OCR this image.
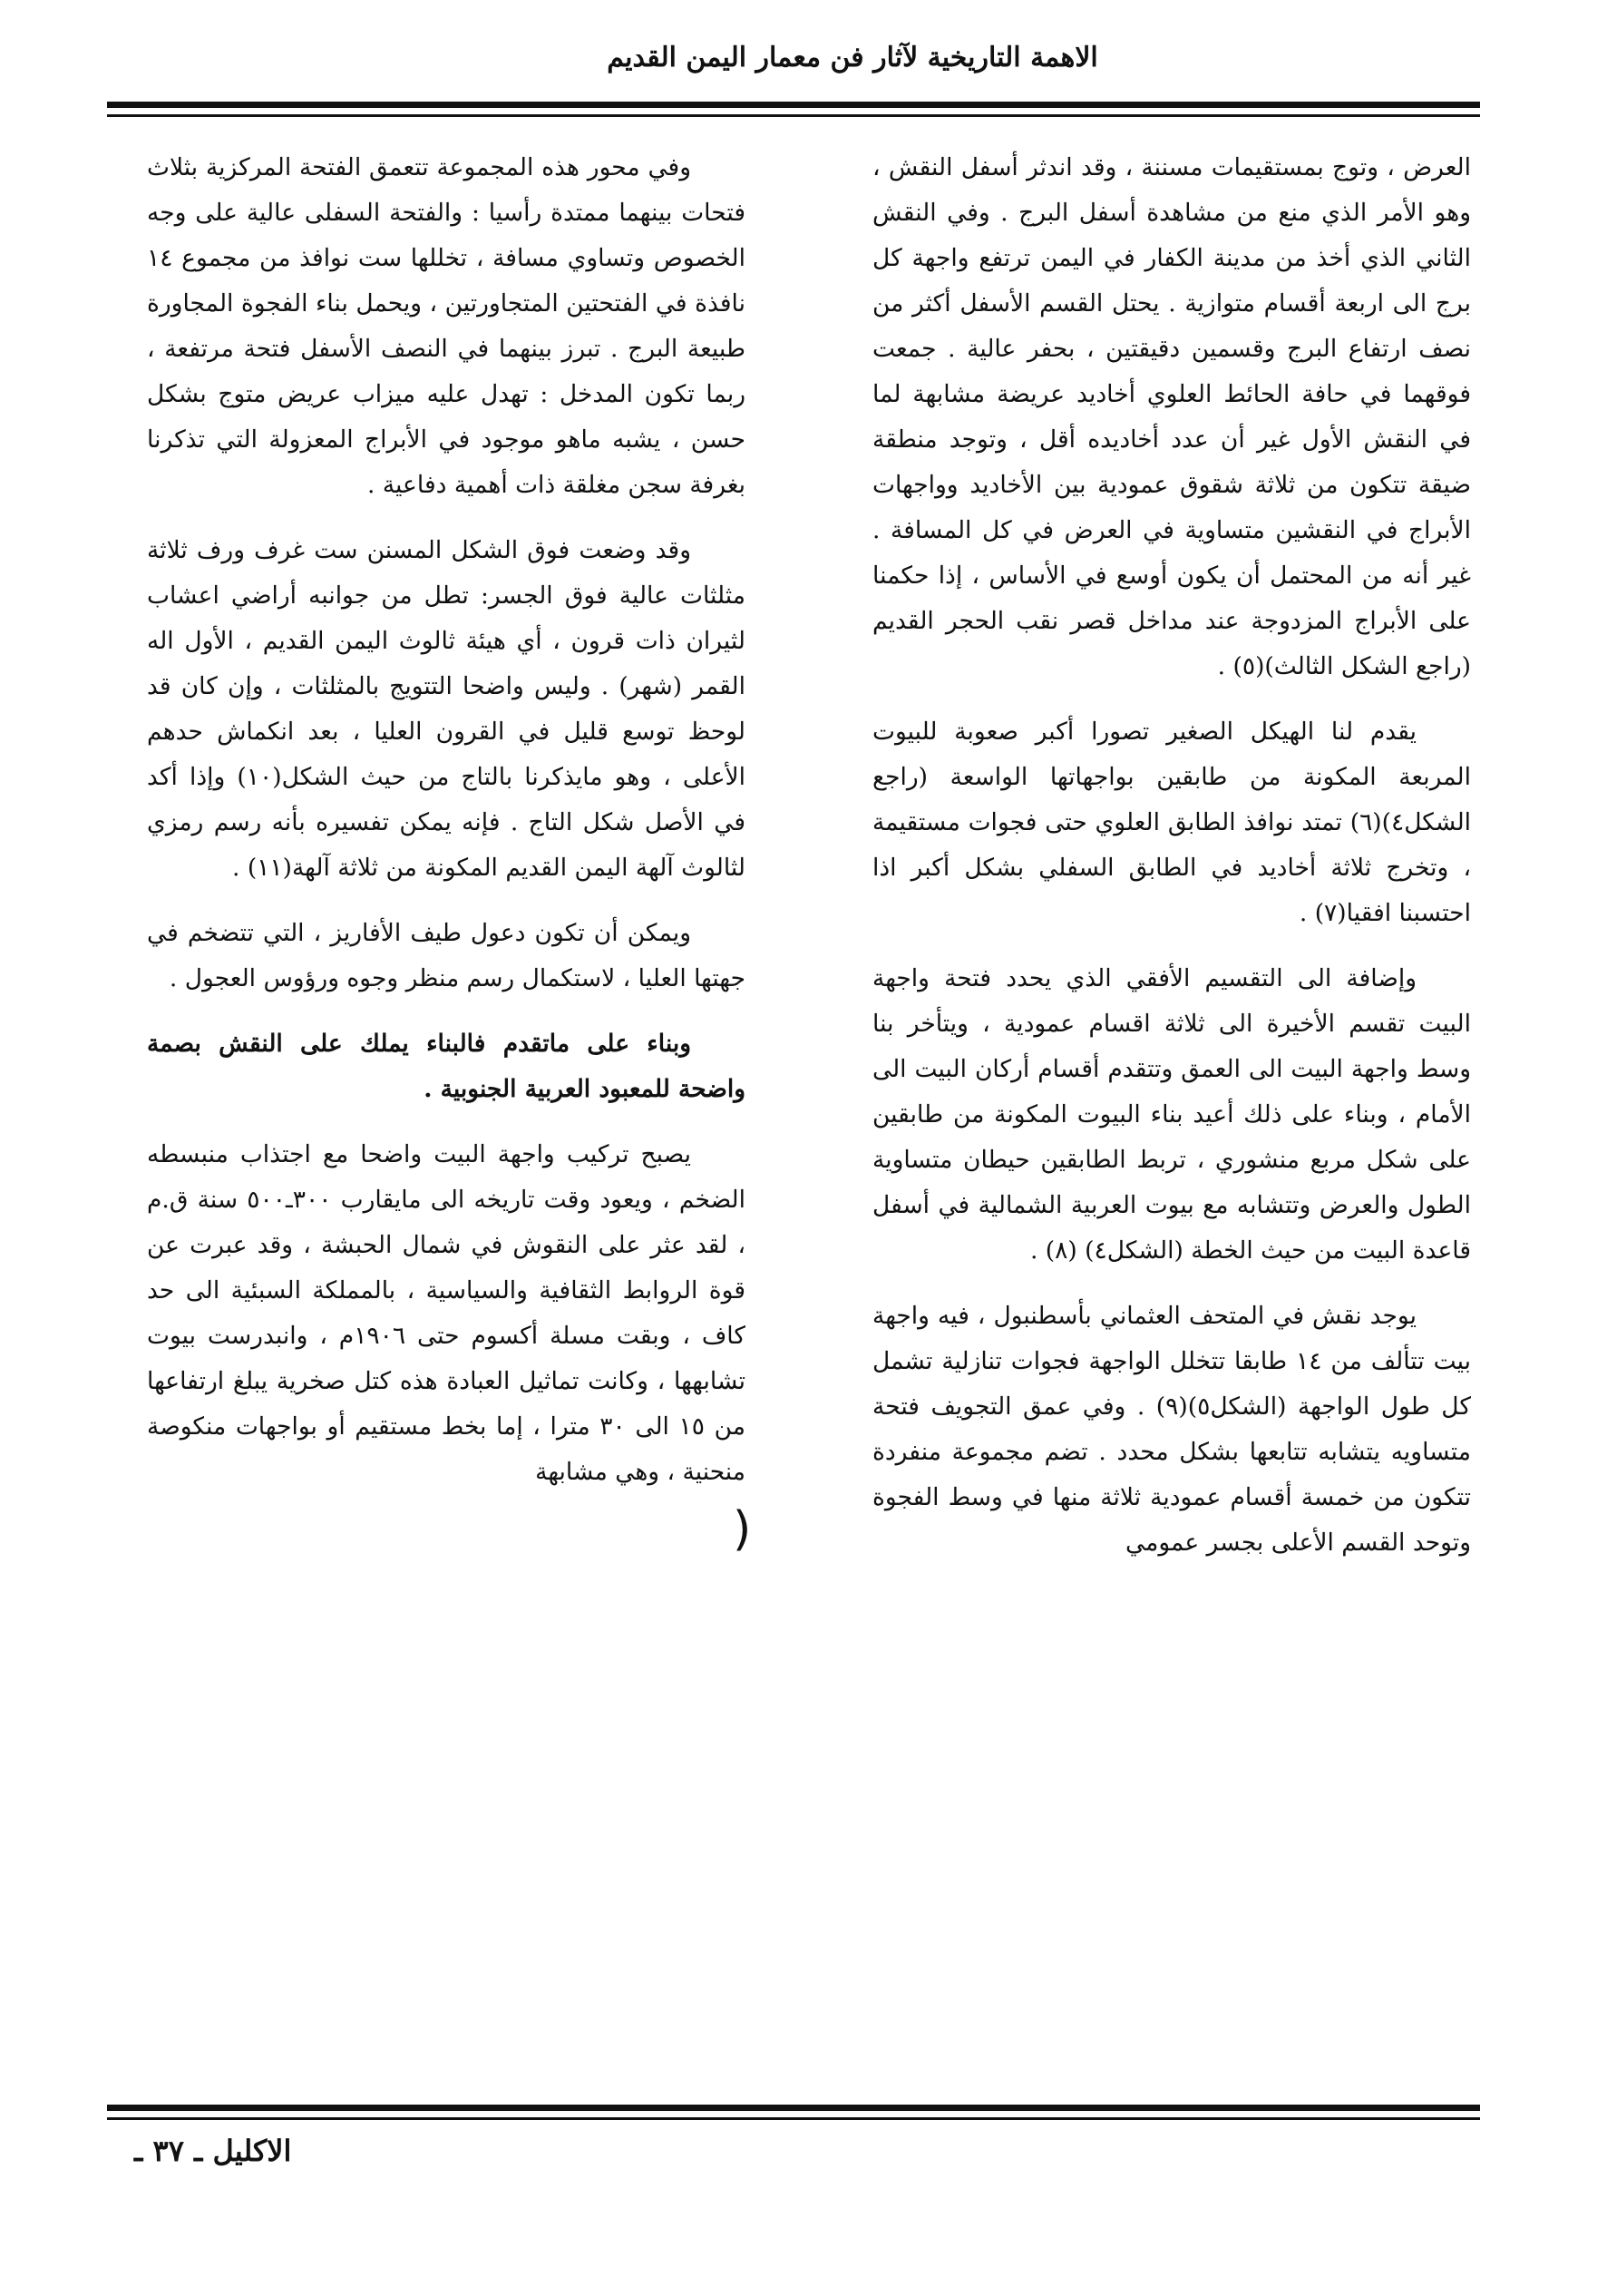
الاهمة التاريخية لآثار فن معمار اليمن القديم

العرض ، وتوج بمستقيمات مسننة ، وقد اندثر أسفل النقش ، وهو الأمر الذي منع من مشاهدة أسفل البرج . وفي النقش الثاني الذي أخذ من مدينة الكفار في اليمن ترتفع واجهة كل برج الى اربعة أقسام متوازية . يحتل القسم الأسفل أكثر من نصف ارتفاع البرج وقسمين دقيقتين ، بحفر عالية . جمعت فوقهما في حافة الحائط العلوي أخاديد عريضة مشابهة لما في النقش الأول غير أن عدد أخاديده أقل ، وتوجد منطقة ضيقة تتكون من ثلاثة شقوق عمودية بين الأخاديد وواجهات الأبراج في النقشين متساوية في العرض في كل المسافة . غير أنه من المحتمل أن يكون أوسع في الأساس ، إذا حكمنا على الأبراج المزدوجة عند مداخل قصر نقب الحجر القديم (راجع الشكل الثالث)(٥) .

يقدم لنا الهيكل الصغير تصورا أكبر صعوبة للبيوت المربعة المكونة من طابقين بواجهاتها الواسعة (راجع الشكل٤)(٦) تمتد نوافذ الطابق العلوي حتى فجوات مستقيمة ، وتخرج ثلاثة أخاديد في الطابق السفلي بشكل أكبر اذا احتسبنا افقيا(٧) .

وإضافة الى التقسيم الأفقي الذي يحدد فتحة واجهة البيت تقسم الأخيرة الى ثلاثة اقسام عمودية ، ويتأخر بنا وسط واجهة البيت الى العمق وتتقدم أقسام أركان البيت الى الأمام ، وبناء على ذلك أعيد بناء البيوت المكونة من طابقين على شكل مربع منشوري ، تربط الطابقين حيطان متساوية الطول والعرض وتتشابه مع بيوت العربية الشمالية في أسفل قاعدة البيت من حيث الخطة (الشكل٤) (٨) .

يوجد نقش في المتحف العثماني بأسطنبول ، فيه واجهة بيت تتألف من ١٤ طابقا تتخلل الواجهة فجوات تنازلية تشمل كل طول الواجهة (الشكل٥)(٩) . وفي عمق التجويف فتحة متساويه يتشابه تتابعها بشكل محدد . تضم مجموعة منفردة تتكون من خمسة أقسام عمودية ثلاثة منها في وسط الفجوة وتوحد القسم الأعلى بجسر عمومي

وفي محور هذه المجموعة تتعمق الفتحة المركزية بثلاث فتحات بينهما ممتدة رأسيا : والفتحة السفلى عالية على وجه الخصوص وتساوي مسافة ، تخللها ست نوافذ من مجموع ١٤ نافذة في الفتحتين المتجاورتين ، ويحمل بناء الفجوة المجاورة طبيعة البرج . تبرز بينهما في النصف الأسفل فتحة مرتفعة ، ربما تكون المدخل : تهدل عليه ميزاب عريض متوج بشكل حسن ، يشبه ماهو موجود في الأبراج المعزولة التي تذكرنا بغرفة سجن مغلقة ذات أهمية دفاعية .

وقد وضعت فوق الشكل المسنن ست غرف ورف ثلاثة مثلثات عالية فوق الجسر: تطل من جوانبه أراضي اعشاب لثيران ذات قرون ، أي هيئة ثالوث اليمن القديم ، الأول اله القمر (شهر) . وليس واضحا التتويج بالمثلثات ، وإن كان قد لوحظ توسع قليل في القرون العليا ، بعد انكماش حدهم الأعلى ، وهو مايذكرنا بالتاج من حيث الشكل(١٠) وإذا أكد في الأصل شكل التاج . فإنه يمكن تفسيره بأنه رسم رمزي لثالوث آلهة اليمن القديم المكونة من ثلاثة آلهة(١١) .

ويمكن أن تكون دعول طيف الأفاريز ، التي تتضخم في جهتها العليا ، لاستكمال رسم منظر وجوه ورؤوس العجول .

وبناء على ماتقدم فالبناء يملك على النقش بصمة واضحة للمعبود العربية الجنوبية .

يصبح تركيب واجهة البيت واضحا مع اجتذاب منبسطه الضخم ، ويعود وقت تاريخه الى مايقارب ٣٠٠ـ٥٠٠ سنة ق.م ، لقد عثر على النقوش في شمال الحبشة ، وقد عبرت عن قوة الروابط الثقافية والسياسية ، بالمملكة السبئية الى حد كاف ، وبقت مسلة أكسوم حتى ١٩٠٦م ، وانبدرست بيوت تشابهها ، وكانت تماثيل العبادة هذه كتل صخرية يبلغ ارتفاعها من ١٥ الى ٣٠ مترا ، إما بخط مستقيم أو بواجهات منكوصة منحنية ، وهي مشابهة

(
الاكليل ـ ٣٧ ـ
